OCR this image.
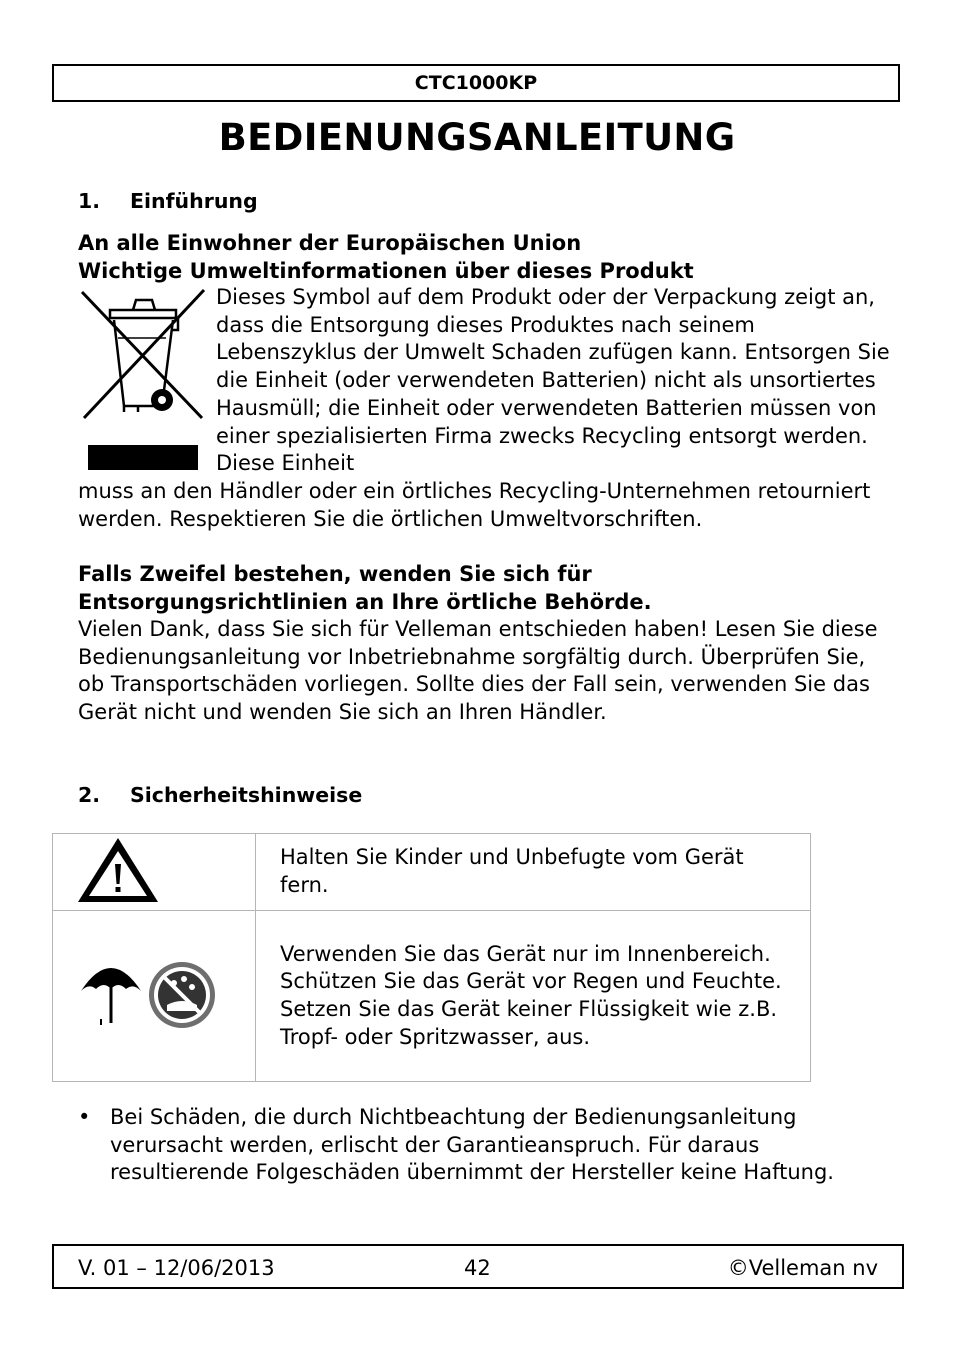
CTC1000KP
BEDIENUNGSANLEITUNG
1. Einführung
An alle Einwohner der Europäischen Union
Wichtige Umweltinformationen über dieses Produkt
Dieses Symbol auf dem Produkt oder der Verpackung zeigt an, dass die Entsorgung dieses Produktes nach seinem Lebenszyklus der Umwelt Schaden zufügen kann. Entsorgen Sie die Einheit (oder verwendeten Batterien) nicht als unsortiertes Hausmüll; die Einheit oder verwendeten Batterien müssen von einer spezialisierten Firma zwecks Recycling entsorgt werden. Diese Einheit
muss an den Händler oder ein örtliches Recycling-Unternehmen retourniert werden. Respektieren Sie die örtlichen Umweltvorschriften.
Falls Zweifel bestehen, wenden Sie sich für Entsorgungsrichtlinien an Ihre örtliche Behörde.
Vielen Dank, dass Sie sich für Velleman entschieden haben! Lesen Sie diese Bedienungsanleitung vor Inbetriebnahme sorgfältig durch. Überprüfen Sie, ob Transportschäden vorliegen. Sollte dies der Fall sein, verwenden Sie das Gerät nicht und wenden Sie sich an Ihren Händler.
2. Sicherheitshinweise

Halten Sie Kinder und Unbefugte vom Gerät fern.

Verwenden Sie das Gerät nur im Innenbereich.
Schützen Sie das Gerät vor Regen und Feuchte. Setzen Sie das Gerät keiner Flüssigkeit wie z.B. Tropf- oder Spritzwasser, aus.
• Bei Schäden, die durch Nichtbeachtung der Bedienungsanleitung verursacht werden, erlischt der Garantieanspruch. Für daraus resultierende Folgeschäden übernimmt der Hersteller keine Haftung.
V. 01 – 12/06/2013	42	©Velleman nv
